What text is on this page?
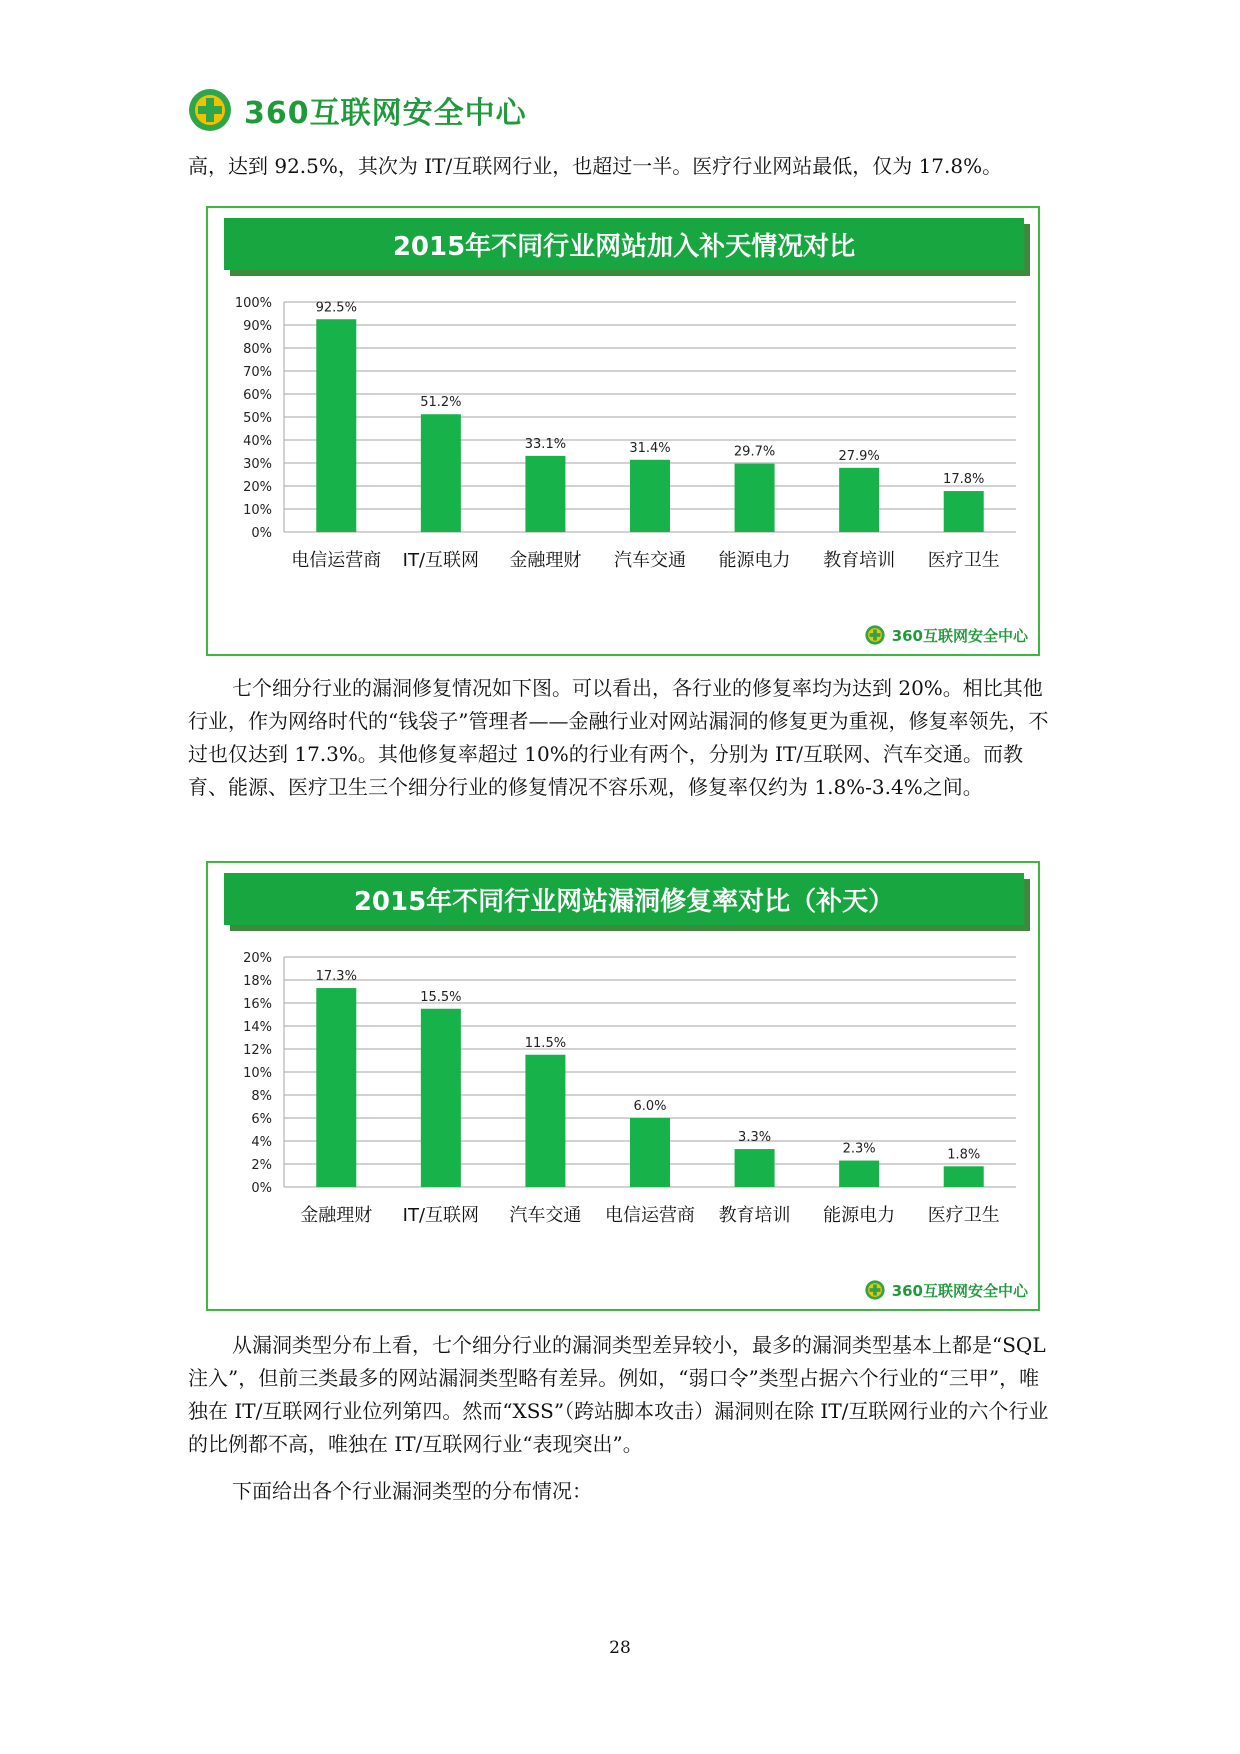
360互联网安全中心

高，达到 92.5%，其次为 IT/互联网行业，也超过一半。医疗行业网站最低，仅为 17.8%。

2015年不同行业网站加入补天情况对比
0%
10%
20%
30%
40%
50%
60%
70%
80%
90%
100%	92.5%
电信运营商
51.2%
IT/互联网
33.1%
金融理财
31.4%
汽车交通
29.7%
能源电力
27.9%
教育培训
17.8%
医疗卫生
360互联网安全中心

七个细分行业的漏洞修复情况如下图。可以看出，各行业的修复率均为达到 20%。相比其他行业，作为网络时代的“钱袋子”管理者——金融行业对网站漏洞的修复更为重视，修复率领先，不过也仅达到 17.3%。其他修复率超过 10%的行业有两个，分别为 IT/互联网、汽车交通。而教育、能源、医疗卫生三个细分行业的修复情况不容乐观，修复率仅约为 1.8%-3.4%之间。

2015年不同行业网站漏洞修复率对比（补天）
0%
2%
4%
6%
8%
10%
12%
14%
16%
18%
20%
17.3%
金融理财
15.5%
IT/互联网
11.5%
汽车交通
6.0%
电信运营商
3.3%
教育培训
2.3%
能源电力
1.8%
医疗卫生
360互联网安全中心

从漏洞类型分布上看，七个细分行业的漏洞类型差异较小，最多的漏洞类型基本上都是“SQL 注入”，但前三类最多的网站漏洞类型略有差异。例如，“弱口令”类型占据六个行业的“三甲”，唯独在 IT/互联网行业位列第四。然而“XSS”（跨站脚本攻击）漏洞则在除 IT/互联网行业的六个行业的比例都不高，唯独在 IT/互联网行业“表现突出”。

下面给出各个行业漏洞类型的分布情况：

28
